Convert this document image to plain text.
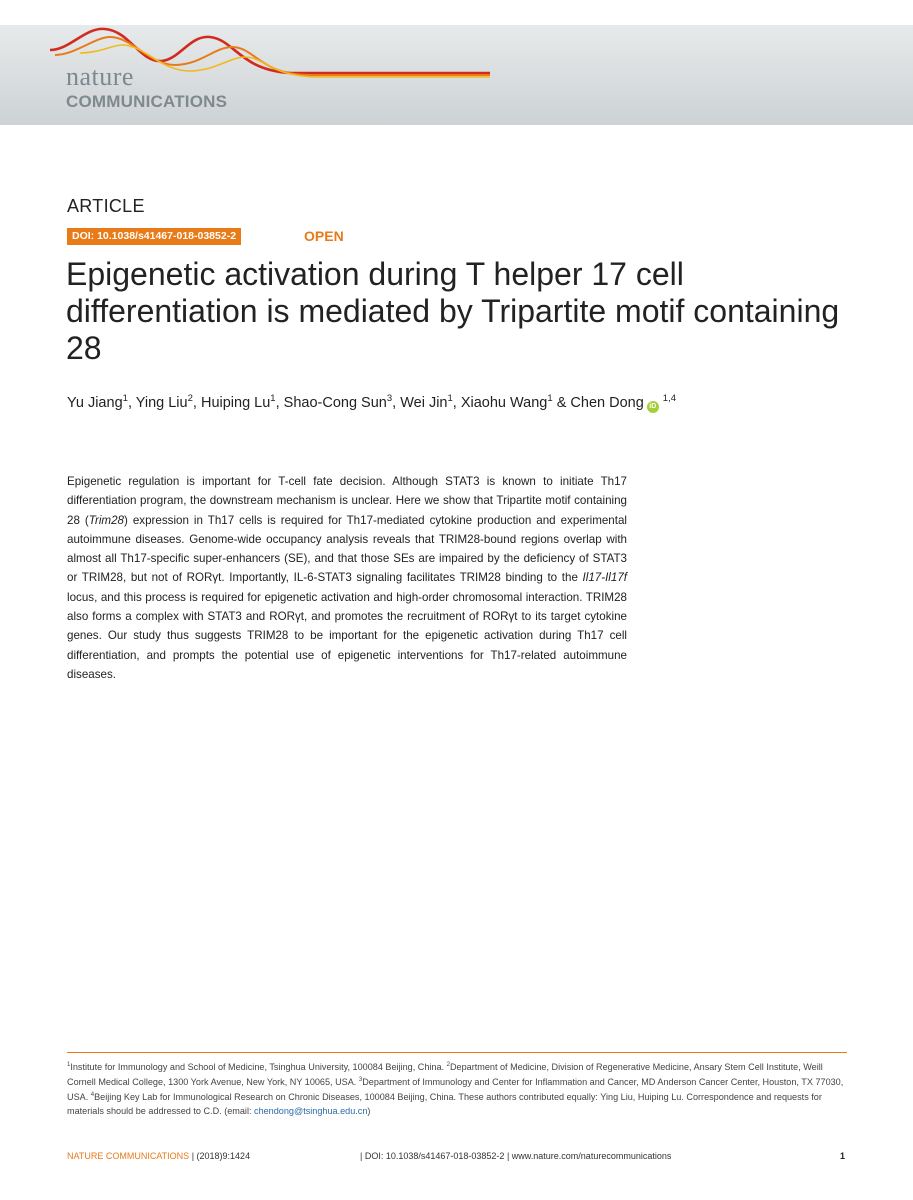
nature
COMMUNICATIONS
ARTICLE
DOI: 10.1038/s41467-018-03852-2	OPEN
Epigenetic activation during T helper 17 cell differentiation is mediated by Tripartite motif containing 28
Yu Jiang$^1$, Ying Liu$^2$, Huiping Lu$^1$, Shao-Cong Sun$^3$, Wei Jin$^1$, Xiaohu Wang$^1$ & Chen Dong iD $^{1,4}$

Epigenetic regulation is important for T-cell fate decision. Although STAT3 is known to initiate Th17 differentiation program, the downstream mechanism is unclear. Here we show that Tripartite motif containing 28 (Trim28) expression in Th17 cells is required for Th17-mediated cytokine production and experimental autoimmune diseases. Genome-wide occupancy analysis reveals that TRIM28-bound regions overlap with almost all Th17-specific super-enhancers (SE), and that those SEs are impaired by the deficiency of STAT3 or TRIM28, but not of RORγt. Importantly, IL-6-STAT3 signaling facilitates TRIM28 binding to the Il17-Il17f locus, and this process is required for epigenetic activation and high-order chromosomal interaction. TRIM28 also forms a complex with STAT3 and RORγt, and promotes the recruitment of RORγt to its target cytokine genes. Our study thus suggests TRIM28 to be important for the epigenetic activation during Th17 cell differentiation, and prompts the potential use of epigenetic interventions for Th17-related autoimmune diseases.

$^1$Institute for Immunology and School of Medicine, Tsinghua University, 100084 Beijing, China. $^2$Department of Medicine, Division of Regenerative Medicine, Ansary Stem Cell Institute, Weill Cornell Medical College, 1300 York Avenue, New York, NY 10065, USA. $^3$Department of Immunology and Center for Inflammation and Cancer, MD Anderson Cancer Center, Houston, TX 77030, USA. $^4$Beijing Key Lab for Immunological Research on Chronic Diseases, 100084 Beijing, China. These authors contributed equally: Ying Liu, Huiping Lu. Correspondence and requests for materials should be addressed to C.D. (email: chendong@tsinghua.edu.cn)

NATURE COMMUNICATIONS | (2018)9:1424	| DOI: 10.1038/s41467-018-03852-2 | www.nature.com/naturecommunications	1
